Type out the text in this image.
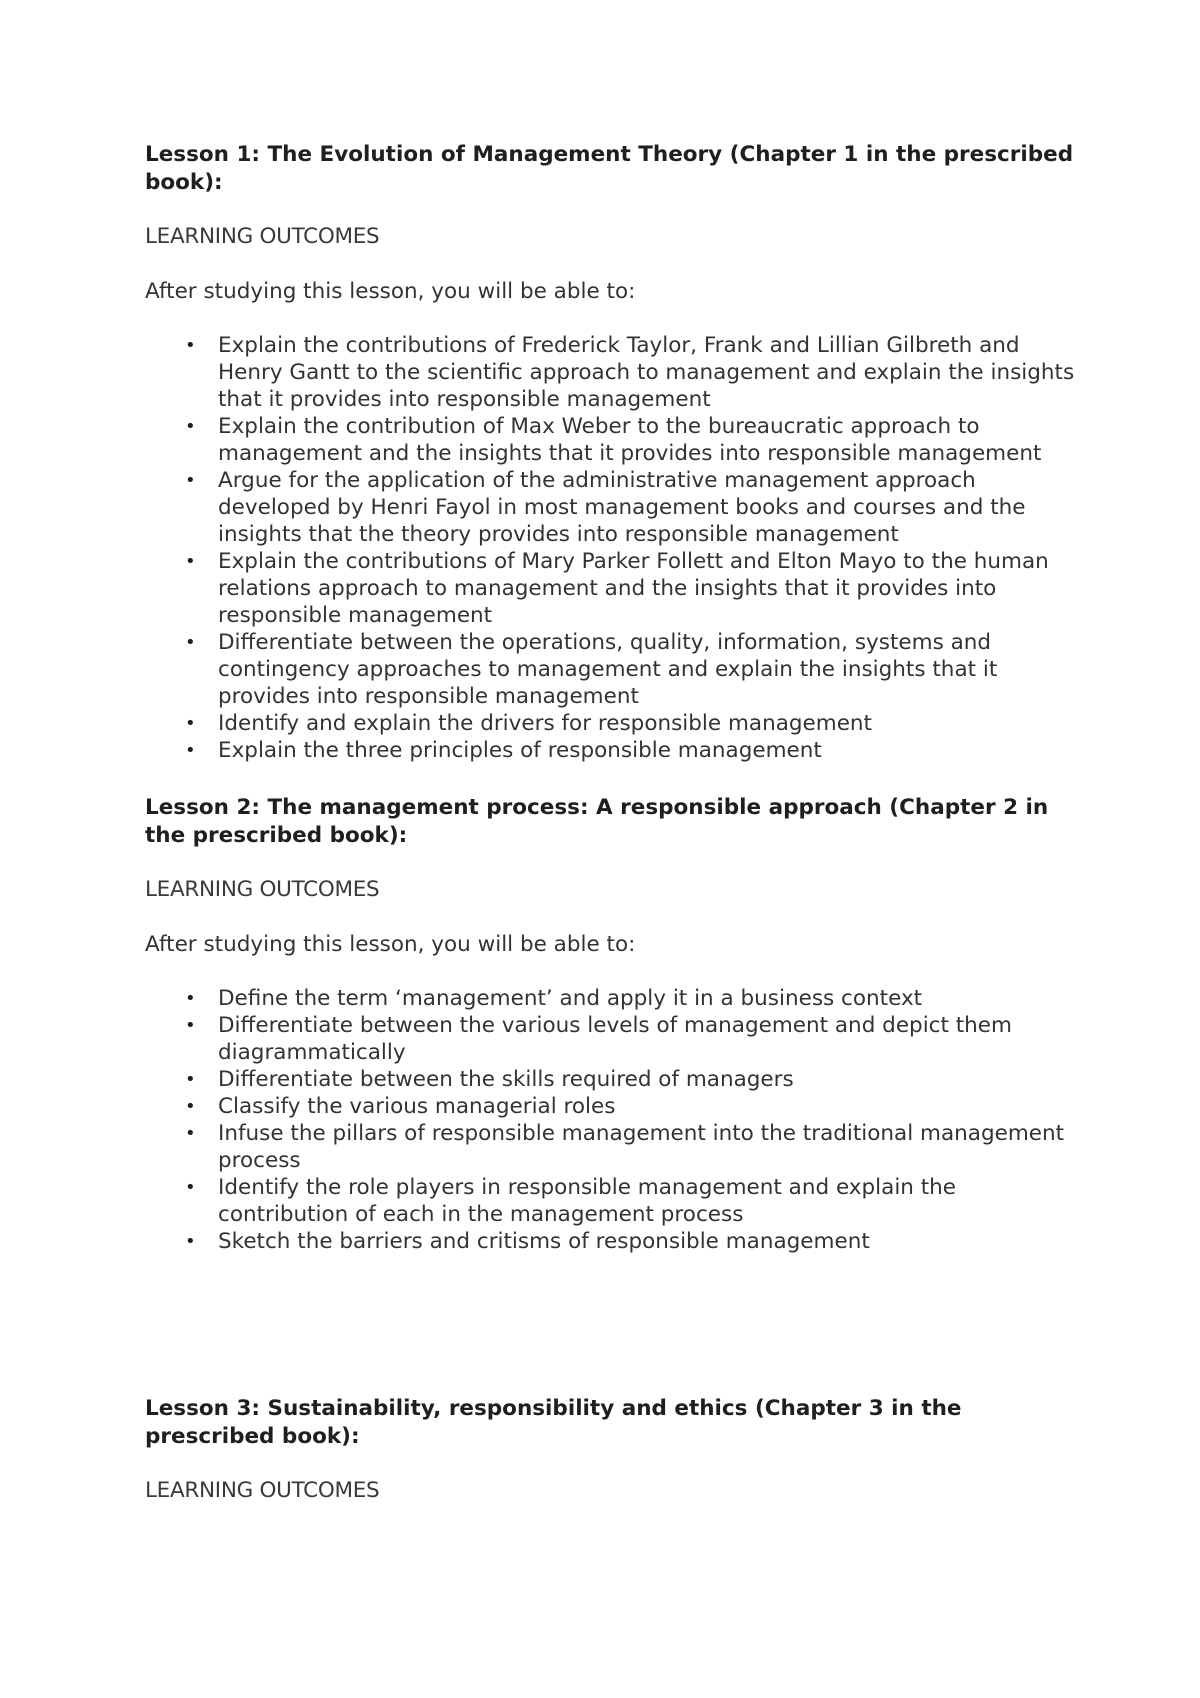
Lesson 1: The Evolution of Management Theory (Chapter 1 in the prescribed book):

LEARNING OUTCOMES

After studying this lesson, you will be able to:

• Explain the contributions of Frederick Taylor, Frank and Lillian Gilbreth and Henry Gantt to the scientific approach to management and explain the insights that it provides into responsible management
• Explain the contribution of Max Weber to the bureaucratic approach to management and the insights that it provides into responsible management
• Argue for the application of the administrative management approach developed by Henri Fayol in most management books and courses and the insights that the theory provides into responsible management
• Explain the contributions of Mary Parker Follett and Elton Mayo to the human relations approach to management and the insights that it provides into responsible management
• Differentiate between the operations, quality, information, systems and contingency approaches to management and explain the insights that it provides into responsible management
• Identify and explain the drivers for responsible management
• Explain the three principles of responsible management
Lesson 2: The management process: A responsible approach (Chapter 2 in the prescribed book):

LEARNING OUTCOMES

After studying this lesson, you will be able to:

• Define the term ‘management’ and apply it in a business context
• Differentiate between the various levels of management and depict them diagrammatically
• Differentiate between the skills required of managers
• Classify the various managerial roles
• Infuse the pillars of responsible management into the traditional management process
• Identify the role players in responsible management and explain the contribution of each in the management process
• Sketch the barriers and critisms of responsible management
Lesson 3: Sustainability, responsibility and ethics (Chapter 3 in the prescribed book):

LEARNING OUTCOMES
